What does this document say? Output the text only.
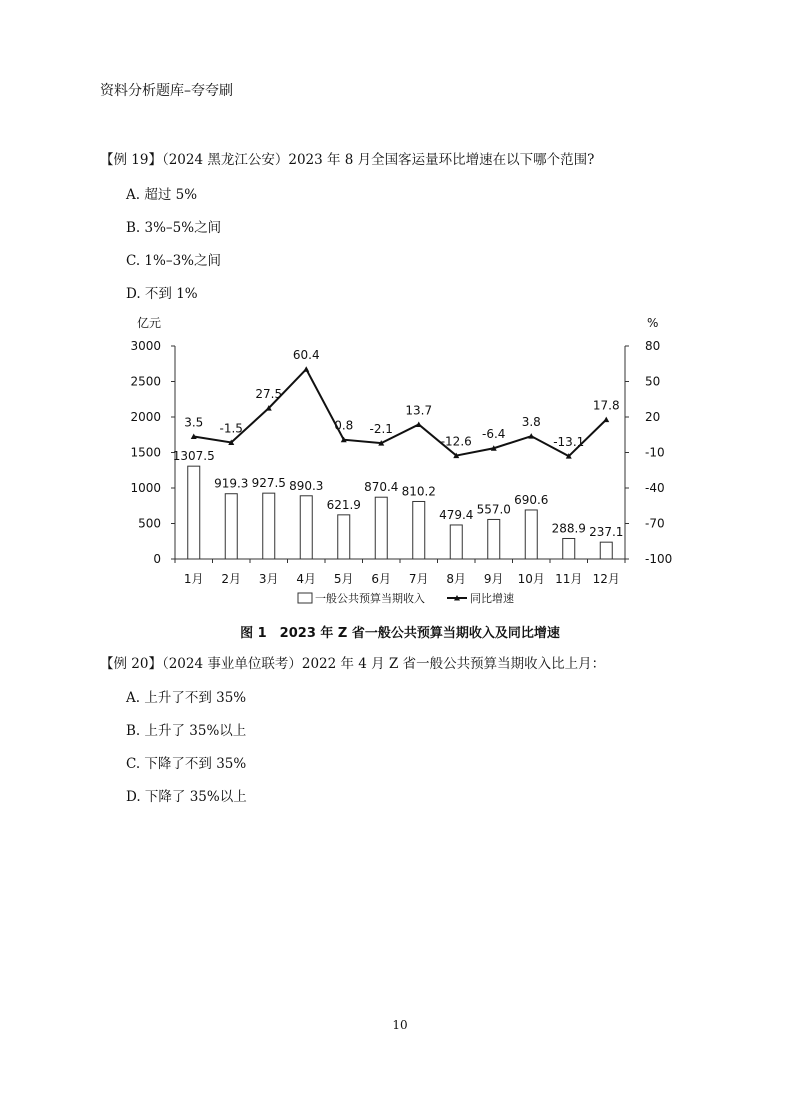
资料分析题库–夸夸刷
【例 19】（2024 黑龙江公安）2023 年 8 月全国客运量环比增速在以下哪个范围?
A. 超过 5%
B. 3%–5%之间
C. 1%–3%之间
D. 不到 1%
亿元	%
0
500
1000
1500
2000
2500
3000
-100
-70
-40
-10
20
50
80
1月 2月 3月 4月 5月 6月 7月 8月 9月 10月 11月 12月
1307.5
919.3 927.5 890.3
621.9
870.4 810.2
479.4 557.0
690.6
288.9 237.1
3.5 -1.5
27.5
60.4
0.8 -2.1
13.7
-12.6
-6.4
3.8
-13.1
17.8
一般公共预算当期收入	同比增速
图 1　2023 年 Z 省一般公共预算当期收入及同比增速
【例 20】（2024 事业单位联考）2022 年 4 月 Z 省一般公共预算当期收入比上月：
A. 上升了不到 35%
B. 上升了 35%以上
C. 下降了不到 35%
D. 下降了 35%以上
10
